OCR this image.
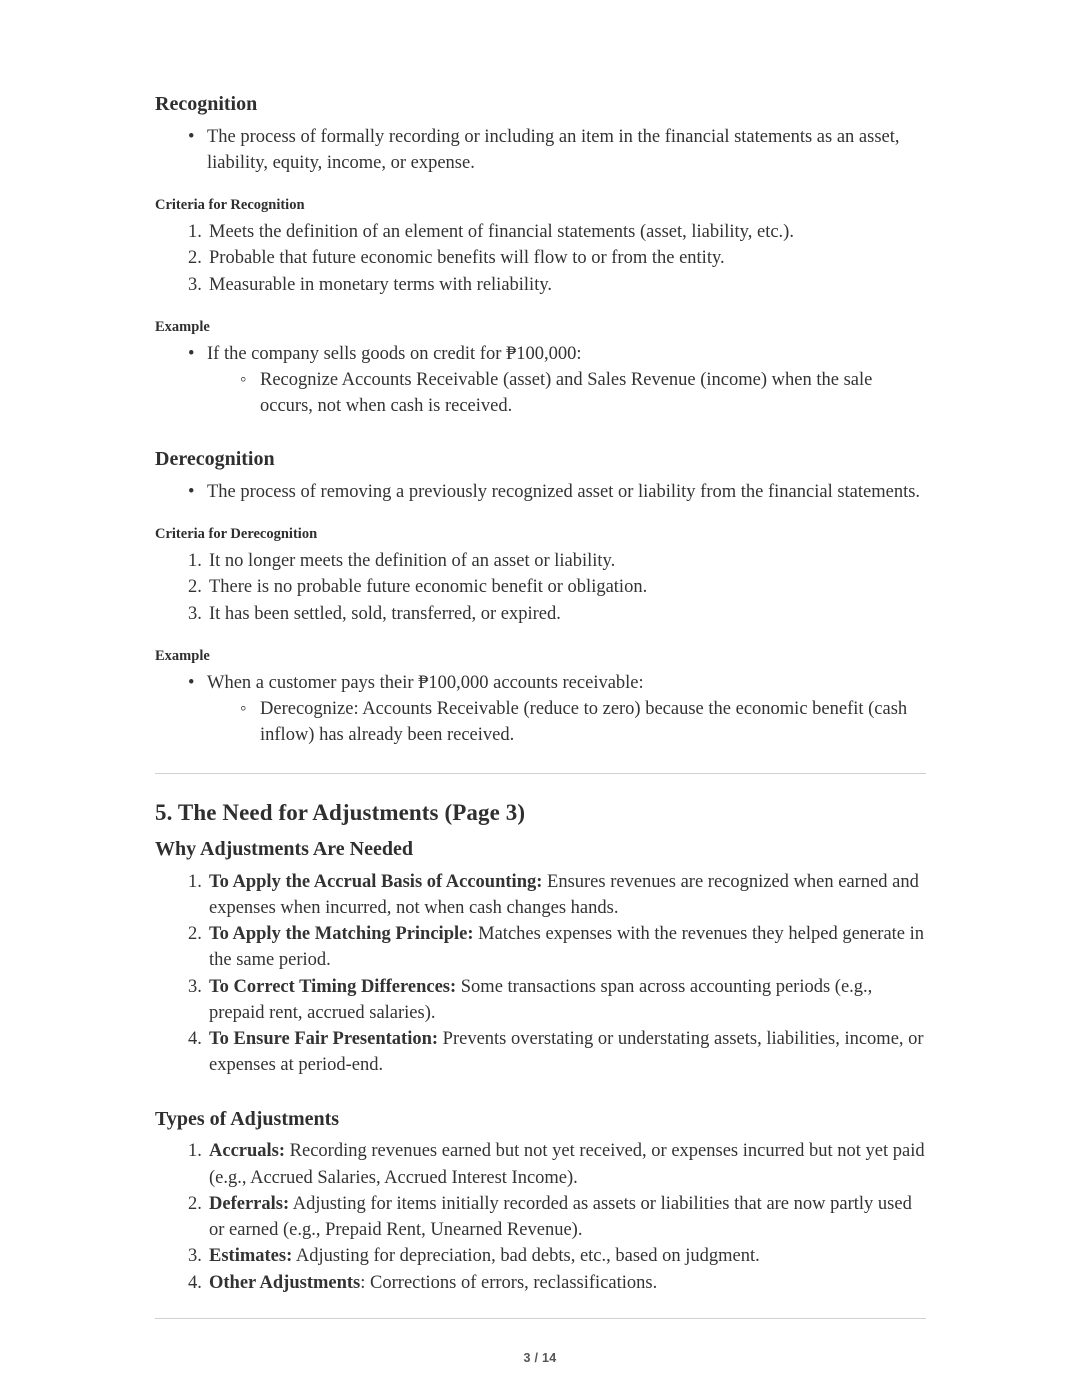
Recognition
• The process of formally recording or including an item in the financial statements as an asset, liability, equity, income, or expense.
Criteria for Recognition
1. Meets the definition of an element of financial statements (asset, liability, etc.).
2. Probable that future economic benefits will flow to or from the entity.
3. Measurable in monetary terms with reliability.
Example
• If the company sells goods on credit for ₱100,000:
◦ Recognize Accounts Receivable (asset) and Sales Revenue (income) when the sale occurs, not when cash is received.
Derecognition
• The process of removing a previously recognized asset or liability from the financial statements.
Criteria for Derecognition
1. It no longer meets the definition of an asset or liability.
2. There is no probable future economic benefit or obligation.
3. It has been settled, sold, transferred, or expired.
Example
• When a customer pays their ₱100,000 accounts receivable:
◦ Derecognize: Accounts Receivable (reduce to zero) because the economic benefit (cash inflow) has already been received.
5. The Need for Adjustments (Page 3)
Why Adjustments Are Needed
1. To Apply the Accrual Basis of Accounting: Ensures revenues are recognized when earned and expenses when incurred, not when cash changes hands.
2. To Apply the Matching Principle: Matches expenses with the revenues they helped generate in the same period.
3. To Correct Timing Differences: Some transactions span across accounting periods (e.g., prepaid rent, accrued salaries).
4. To Ensure Fair Presentation: Prevents overstating or understating assets, liabilities, income, or expenses at period-end.
Types of Adjustments
1. Accruals: Recording revenues earned but not yet received, or expenses incurred but not yet paid (e.g., Accrued Salaries, Accrued Interest Income).
2. Deferrals: Adjusting for items initially recorded as assets or liabilities that are now partly used or earned (e.g., Prepaid Rent, Unearned Revenue).
3. Estimates: Adjusting for depreciation, bad debts, etc., based on judgment.
4. Other Adjustments: Corrections of errors, reclassifications.
3 / 14
